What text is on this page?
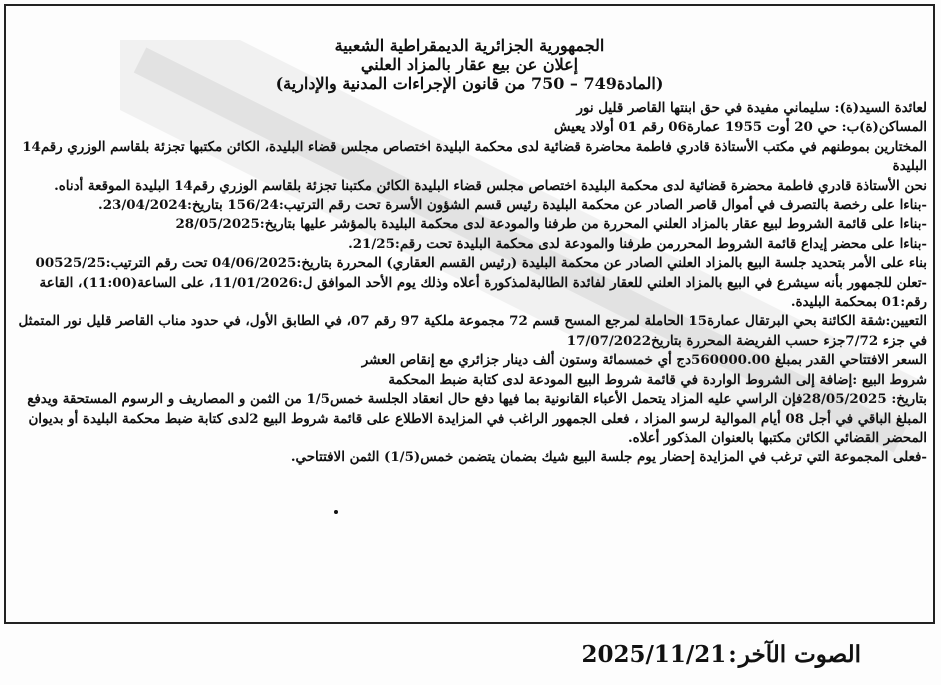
الجمهورية الجزائرية الديمقراطية الشعبية
إعلان عن بيع عقار بالمزاد العلني
(المادة749 – 750 من قانون الإجراءات المدنية والإدارية)

لعائدة السيد(ة): سليماني مفيدة في حق ابنتها القاصر قليل نور

المساكن(ة)ب: حي 20 أوت 1955 عمارة06 رقم 01 أولاد يعيش

المختارين بموطنهم في مكتب الأستاذة قادري فاطمة محاضرة قضائية لدى محكمة البليدة اختصاص مجلس قضاء البليدة، الكائن مكتبها تجزئة بلقاسم الوزري رقم14 البليدة

نحن الأستاذة قادري فاطمة محضرة قضائية لدى محكمة البليدة اختصاص مجلس قضاء البليدة الكائن مكتبنا تجزئة بلقاسم الوزري رقم14 البليدة الموقعة أدناه.

-بناءا على رخصة بالتصرف في أموال قاصر الصادر عن محكمة البليدة رئيس قسم الشؤون الأسرة تحت رقم الترتيب:156/24 بتاريخ:23/04/2024.

-بناءا على قائمة الشروط لبيع عقار بالمزاد العلني المحررة من طرفنا والمودعة لدى محكمة البليدة بالمؤشر عليها بتاريخ:28/05/2025

-بناءا على محضر إيداع قائمة الشروط المحررمن طرفنا والمودعة لدى محكمة البليدة تحت رقم:21/25.

بناء على الأمر بتحديد جلسة البيع بالمزاد العلني الصادر عن محكمة البليدة (رئيس القسم العقاري) المحررة بتاريخ:04/06/2025 تحت رقم الترتيب:00525/25

-تعلن للجمهور بأنه سيشرع في البيع بالمزاد العلني للعقار لفائدة الطالبةلمذكورة أعلاه وذلك يوم الأحد الموافق ل:11/01/2026، على الساعة(11:00)، القاعة رقم:01 بمحكمة البليدة.

التعيين:شقة الكائنة بحي البرتقال عمارة15 الحاملة لمرجع المسح قسم 72 مجموعة ملكية 97 رقم 07، في الطابق الأول، في حدود مناب القاصر قليل نور المتمثل في جزء 7/72جزء حسب الفريضة المحررة بتاريخ17/07/2022

السعر الافتتاحي القدر بمبلغ 560000.00دج أي خمسمائة وستون ألف دينار جزائري مع إنقاص العشر

شروط البيع :إضافة إلى الشروط الواردة في قائمة شروط البيع المودعة لدى كتابة ضبط المحكمة

بتاريخ: 28/05/2025فإن الراسي عليه المزاد يتحمل الأعباء القانونية بما فيها دفع حال انعقاد الجلسة خمس1/5 من الثمن و المصاريف و الرسوم المستحقة ويدفع المبلغ الباقي في أجل 08 أيام الموالية لرسو المزاد ، فعلى الجمهور الراغب في المزايدة الاطلاع على قائمة شروط البيع 2لدى كتابة ضبط محكمة البليدة أو بديوان المحضر القضائي الكائن مكتبها بالعنوان المذكور أعلاه.

-فعلى المجموعة التي ترغب في المزايدة إحضار يوم جلسة البيع شيك بضمان يتضمن خمس(1/5) الثمن الافتتاحي.

الصوت الآخر:2025/11/21
